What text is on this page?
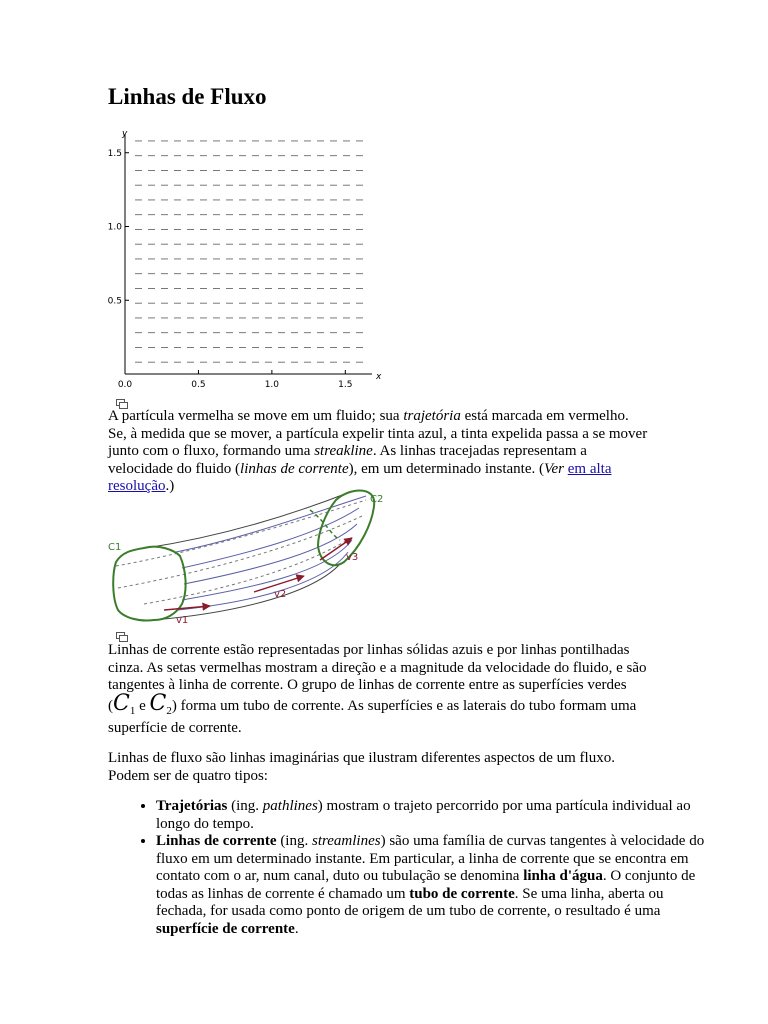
Linhas de Fluxo
y
x
0.0	0.5	1.0	1.5
0.5
1.0
1.5

A partícula vermelha se move em um fluido; sua trajetória está marcada em vermelho. Se, à medida que se mover, a partícula expelir tinta azul, a tinta expelida passa a se mover junto com o fluxo, formando uma streakline. As linhas tracejadas representam a velocidade do fluido (linhas de corrente), em um determinado instante. (Ver em alta resolução.)

C1
C2
v1
v2
v3

Linhas de corrente estão representadas por linhas sólidas azuis e por linhas pontilhadas cinza. As setas vermelhas mostram a direção e a magnitude da velocidade do fluido, e são tangentes à linha de corrente. O grupo de linhas de corrente entre as superfícies verdes ($C_1$ e $C_2$) forma um tubo de corrente. As superfícies e as laterais do tubo formam uma superfície de corrente.

Linhas de fluxo são linhas imaginárias que ilustram diferentes aspectos de um fluxo. Podem ser de quatro tipos:

• Trajetórias (ing. pathlines) mostram o trajeto percorrido por uma partícula individual ao longo do tempo.
• Linhas de corrente (ing. streamlines) são uma família de curvas tangentes à velocidade do fluxo em um determinado instante. Em particular, a linha de corrente que se encontra em contato com o ar, num canal, duto ou tubulação se denomina linha d'água. O conjunto de todas as linhas de corrente é chamado um tubo de corrente. Se uma linha, aberta ou fechada, for usada como ponto de origem de um tubo de corrente, o resultado é uma superfície de corrente.
